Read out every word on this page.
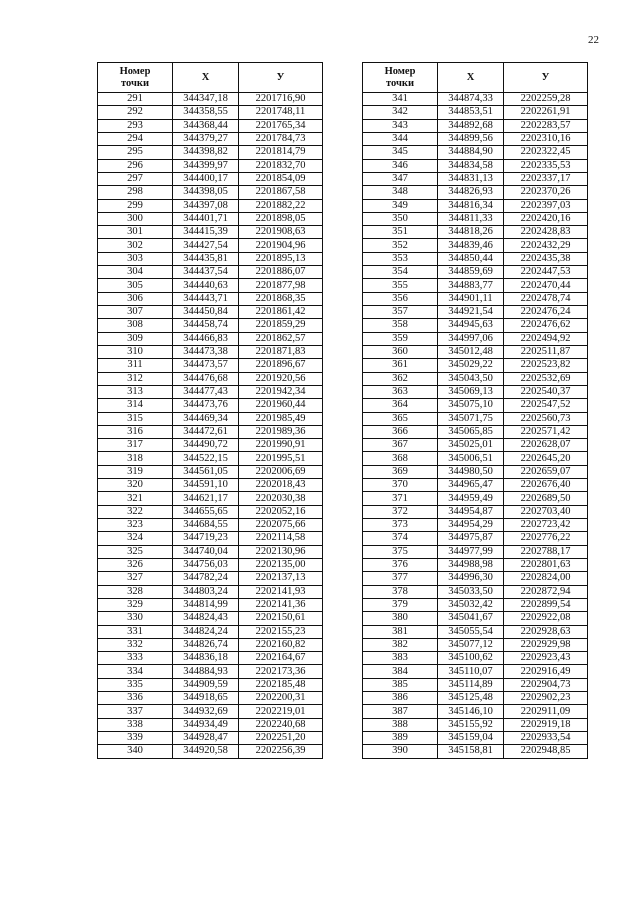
22
Номер
точки	X	У
291	344347,18	2201716,90
292	344358,55	2201748,11
293	344368,44	2201765,34
294	344379,27	2201784,73
295	344398,82	2201814,79
296	344399,97	2201832,70
297	344400,17	2201854,09
298	344398,05	2201867,58
299	344397,08	2201882,22
300	344401,71	2201898,05
301	344415,39	2201908,63
302	344427,54	2201904,96
303	344435,81	2201895,13
304	344437,54	2201886,07
305	344440,63	2201877,98
306	344443,71	2201868,35
307	344450,84	2201861,42
308	344458,74	2201859,29
309	344466,83	2201862,57
310	344473,38	2201871,83
311	344473,57	2201896,67
312	344476,68	2201920,56
313	344477,43	2201942,34
314	344473,76	2201960,44
315	344469,34	2201985,49
316	344472,61	2201989,36
317	344490,72	2201990,91
318	344522,15	2201995,51
319	344561,05	2202006,69
320	344591,10	2202018,43
321	344621,17	2202030,38
322	344655,65	2202052,16
323	344684,55	2202075,66
324	344719,23	2202114,58
325	344740,04	2202130,96
326	344756,03	2202135,00
327	344782,24	2202137,13
328	344803,24	2202141,93
329	344814,99	2202141,36
330	344824,43	2202150,61
331	344824,24	2202155,23
332	344826,74	2202160,82
333	344836,18	2202164,67
334	344884,93	2202173,36
335	344909,59	2202185,48
336	344918,65	2202200,31
337	344932,69	2202219,01
338	344934,49	2202240,68
339	344928,47	2202251,20
340	344920,58	2202256,39
Номер
точки	X	У
341	344874,33	2202259,28
342	344853,51	2202261,91
343	344892,68	2202283,57
344	344899,56	2202310,16
345	344884,90	2202322,45
346	344834,58	2202335,53
347	344831,13	2202337,17
348	344826,93	2202370,26
349	344816,34	2202397,03
350	344811,33	2202420,16
351	344818,26	2202428,83
352	344839,46	2202432,29
353	344850,44	2202435,38
354	344859,69	2202447,53
355	344883,77	2202470,44
356	344901,11	2202478,74
357	344921,54	2202476,24
358	344945,63	2202476,62
359	344997,06	2202494,92
360	345012,48	2202511,87
361	345029,22	2202523,82
362	345043,50	2202532,69
363	345069,13	2202540,37
364	345075,10	2202547,52
365	345071,75	2202560,73
366	345065,85	2202571,42
367	345025,01	2202628,07
368	345006,51	2202645,20
369	344980,50	2202659,07
370	344965,47	2202676,40
371	344959,49	2202689,50
372	344954,87	2202703,40
373	344954,29	2202723,42
374	344975,87	2202776,22
375	344977,99	2202788,17
376	344988,98	2202801,63
377	344996,30	2202824,00
378	345033,50	2202872,94
379	345032,42	2202899,54
380	345041,67	2202922,08
381	345055,54	2202928,63
382	345077,12	2202929,98
383	345100,62	2202923,43
384	345110,07	2202916,49
385	345114,89	2202904,73
386	345125,48	2202902,23
387	345146,10	2202911,09
388	345155,92	2202919,18
389	345159,04	2202933,54
390	345158,81	2202948,85
